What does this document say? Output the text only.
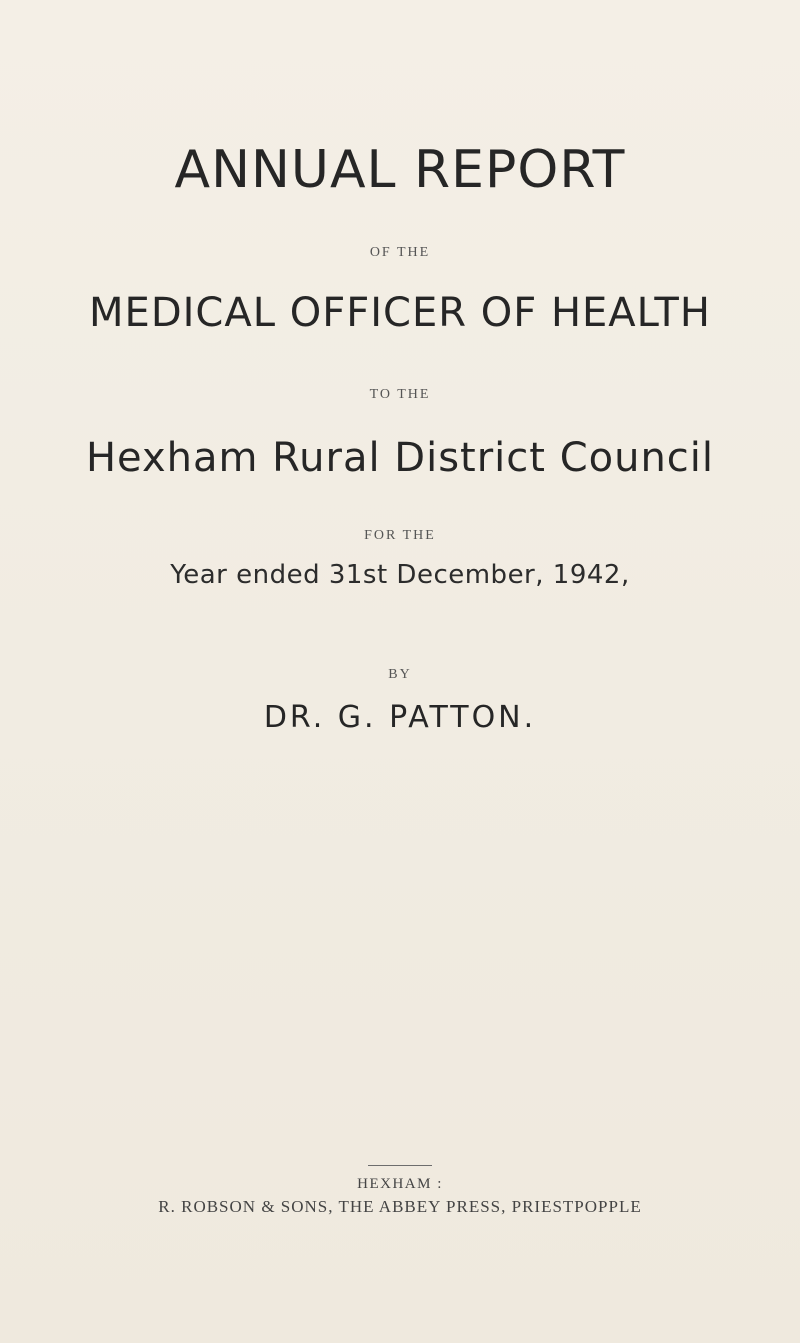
ANNUAL REPORT
OF THE
MEDICAL OFFICER OF HEALTH
TO THE
Hexham Rural District Council
FOR THE
Year ended 31st December, 1942,
BY
DR. G. PATTON.
HEXHAM :
R. ROBSON & SONS, THE ABBEY PRESS, PRIESTPOPPLE
